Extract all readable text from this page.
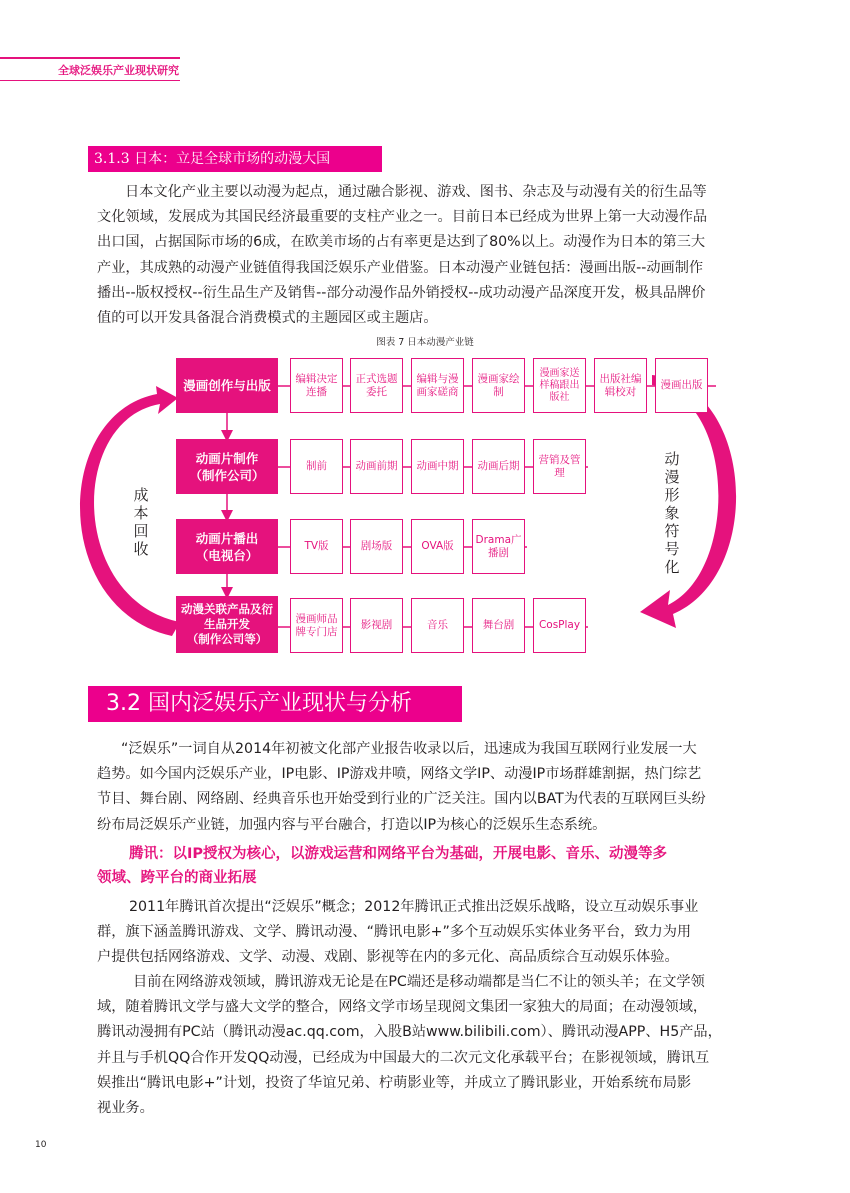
全球泛娱乐产业现状研究
3.1.3 日本：立足全球市场的动漫大国
日本文化产业主要以动漫为起点，通过融合影视、游戏、图书、杂志及与动漫有关的衍生品等
文化领域，发展成为其国民经济最重要的支柱产业之一。目前日本已经成为世界上第一大动漫作品
出口国，占据国际市场的6成，在欧美市场的占有率更是达到了80%以上。动漫作为日本的第三大
产业，其成熟的动漫产业链值得我国泛娱乐产业借鉴。日本动漫产业链包括：漫画出版--动画制作
播出--版权授权--衍生品生产及销售--部分动漫作品外销授权--成功动漫产品深度开发，极具品牌价
值的可以开发具备混合消费模式的主题园区或主题店。
图表 7 日本动漫产业链
漫画创作与出版
动画片制作
（制作公司）
动画片播出
（电视台）
动漫关联产品及衍生品开发
（制作公司等）
编辑决定连播
正式选题委托
编辑与漫画家磋商
漫画家绘制
漫画家送样稿跟出版社
出版社编辑校对
漫画出版
制前	动画前期 动画中期 动画后期
营销及管理
TV版	剧场版	OVA版
Drama广播剧
漫画师品牌专门店
影视剧	音乐	舞台剧 CosPlay
成本回收
动漫形象符号化
3.2 国内泛娱乐产业现状与分析
“泛娱乐”一词自从2014年初被文化部产业报告收录以后，迅速成为我国互联网行业发展一大
趋势。如今国内泛娱乐产业，IP电影、IP游戏井喷，网络文学IP、动漫IP市场群雄割据，热门综艺
节目、舞台剧、网络剧、经典音乐也开始受到行业的广泛关注。国内以BAT为代表的互联网巨头纷
纷布局泛娱乐产业链，加强内容与平台融合，打造以IP为核心的泛娱乐生态系统。
腾讯：以IP授权为核心，以游戏运营和网络平台为基础，开展电影、音乐、动漫等多
领域、跨平台的商业拓展
2011年腾讯首次提出“泛娱乐”概念；2012年腾讯正式推出泛娱乐战略，设立互动娱乐事业
群，旗下涵盖腾讯游戏、文学、腾讯动漫、“腾讯电影+”多个互动娱乐实体业务平台，致力为用
户提供包括网络游戏、文学、动漫、戏剧、影视等在内的多元化、高品质综合互动娱乐体验。
目前在网络游戏领域，腾讯游戏无论是在PC端还是移动端都是当仁不让的领头羊；在文学领
域，随着腾讯文学与盛大文学的整合，网络文学市场呈现阅文集团一家独大的局面；在动漫领域，
腾讯动漫拥有PC站（腾讯动漫ac.qq.com，入股B站www.bilibili.com）、腾讯动漫APP、H5产品，
并且与手机QQ合作开发QQ动漫，已经成为中国最大的二次元文化承载平台；在影视领域，腾讯互
娱推出“腾讯电影+”计划，投资了华谊兄弟、柠萌影业等，并成立了腾讯影业，开始系统布局影
视业务。
10
